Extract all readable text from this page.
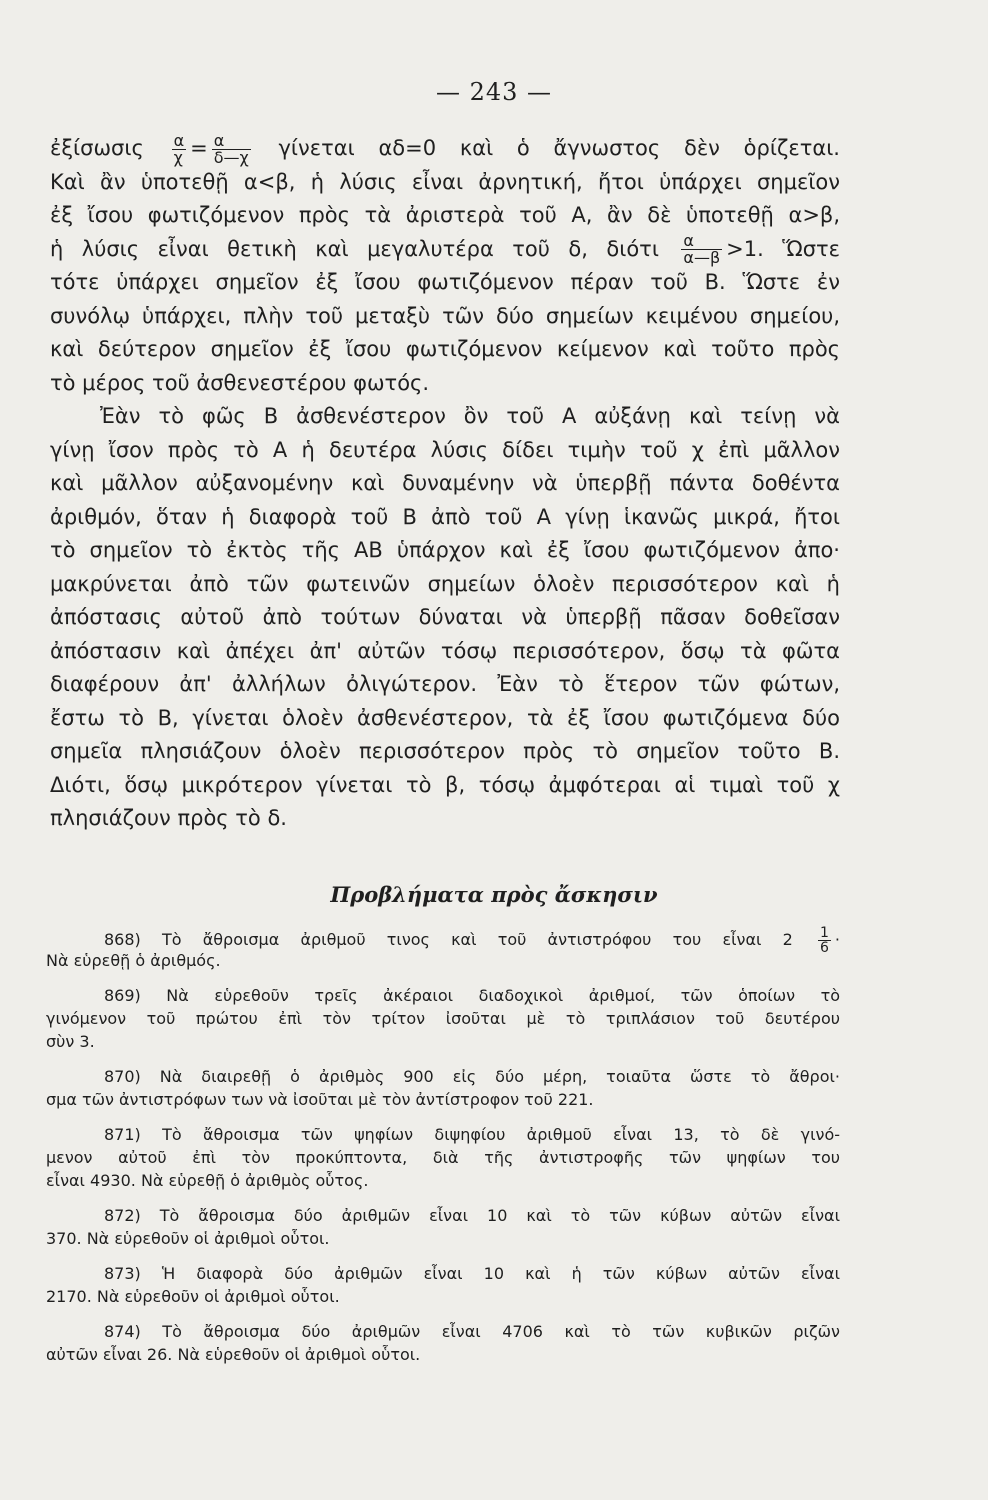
— 243 —
ἐξίσωσις $\frac{\alpha}{\chi} = \frac{\alpha}{\delta—\chi}$ γίνεται αδ=0 καὶ ὁ ἄγνωστος δὲν ὁρίζεται.
Καὶ ἂν ὑποτεθῇ α<β, ἡ λύσις εἶναι ἀρνητική, ἤτοι ὑπάρχει σημεῖον
ἐξ ἴσου φωτιζόμενον πρὸς τὰ ἀριστερὰ τοῦ Α, ἂν δὲ ὑποτεθῇ α>β,
ἡ λύσις εἶναι θετικὴ καὶ μεγαλυτέρα τοῦ δ, διότι $\frac{\alpha}{\alpha—\beta} >1$. Ὥστε
τότε ὑπάρχει σημεῖον ἐξ ἴσου φωτιζόμενον πέραν τοῦ Β. Ὥστε ἐν
συνόλῳ ὑπάρχει, πλὴν τοῦ μεταξὺ τῶν δύο σημείων κειμένου σημείου,
καὶ δεύτερον σημεῖον ἐξ ἴσου φωτιζόμενον κείμενον καὶ τοῦτο πρὸς
τὸ μέρος τοῦ ἀσθενεστέρου φωτός.
Ἐὰν τὸ φῶς Β ἀσθενέστερον ὂν τοῦ Α αὐξάνῃ καὶ τείνῃ νὰ
γίνῃ ἴσον πρὸς τὸ Α ἡ δευτέρα λύσις δίδει τιμὴν τοῦ χ ἐπὶ μᾶλλον
καὶ μᾶλλον αὐξανομένην καὶ δυναμένην νὰ ὑπερβῇ πάντα δοθέντα
ἀριθμόν, ὅταν ἡ διαφορὰ τοῦ Β ἀπὸ τοῦ Α γίνῃ ἱκανῶς μικρά, ἤτοι
τὸ σημεῖον τὸ ἐκτὸς τῆς ΑΒ ὑπάρχον καὶ ἐξ ἴσου φωτιζόμενον ἀπο·
μακρύνεται ἀπὸ τῶν φωτεινῶν σημείων ὁλοὲν περισσότερον καὶ ἡ
ἀπόστασις αὐτοῦ ἀπὸ τούτων δύναται νὰ ὑπερβῇ πᾶσαν δοθεῖσαν
ἀπόστασιν καὶ ἀπέχει ἀπ' αὐτῶν τόσῳ περισσότερον, ὅσῳ τὰ φῶτα
διαφέρουν ἀπ' ἀλλήλων ὀλιγώτερον. Ἐὰν τὸ ἕτερον τῶν φώτων,
ἔστω τὸ Β, γίνεται ὁλοὲν ἀσθενέστερον, τὰ ἐξ ἴσου φωτιζόμενα δύο
σημεῖα πλησιάζουν ὁλοὲν περισσότερον πρὸς τὸ σημεῖον τοῦτο Β.
Διότι, ὅσῳ μικρότερον γίνεται τὸ β, τόσῳ ἀμφότεραι αἱ τιμαὶ τοῦ χ
πλησιάζουν πρὸς τὸ δ.
Προβλήματα πρὸς ἄσκησιν
868) Τὸ ἄθροισμα ἀριθμοῦ τινος καὶ τοῦ ἀντιστρόφου του εἶναι $2 \frac{1}{6}$ ·
Νὰ εὑρεθῇ ὁ ἀριθμός.
869) Νὰ εὑρεθοῦν τρεῖς ἀκέραιοι διαδοχικοὶ ἀριθμοί, τῶν ὁποίων τὸ
γινόμενον τοῦ πρώτου ἐπὶ τὸν τρίτον ἰσοῦται μὲ τὸ τριπλάσιον τοῦ δευτέρου
σὺν 3.
870) Νὰ διαιρεθῇ ὁ ἀριθμὸς 900 εἰς δύο μέρη, τοιαῦτα ὥστε τὸ ἄθροι·
σμα τῶν ἀντιστρόφων των νὰ ἰσοῦται μὲ τὸν ἀντίστροφον τοῦ 221.
871) Τὸ ἄθροισμα τῶν ψηφίων διψηφίου ἀριθμοῦ εἶναι 13, τὸ δὲ γινό-
μενον αὐτοῦ ἐπὶ τὸν προκύπτοντα, διὰ τῆς ἀντιστροφῆς τῶν ψηφίων του
εἶναι 4930. Νὰ εὑρεθῇ ὁ ἀριθμὸς οὗτος.
872) Τὸ ἄθροισμα δύο ἀριθμῶν εἶναι 10 καὶ τὸ τῶν κύβων αὐτῶν εἶναι
370. Νὰ εὑρεθοῦν οἱ ἀριθμοὶ οὗτοι.
873) Ἡ διαφορὰ δύο ἀριθμῶν εἶναι 10 καὶ ἡ τῶν κύβων αὐτῶν εἶναι
2170. Νὰ εὑρεθοῦν οἱ ἀριθμοὶ οὗτοι.
874) Τὸ ἄθροισμα δύο ἀριθμῶν εἶναι 4706 καὶ τὸ τῶν κυβικῶν ριζῶν
αὐτῶν εἶναι 26. Νὰ εὑρεθοῦν οἱ ἀριθμοὶ οὗτοι.
